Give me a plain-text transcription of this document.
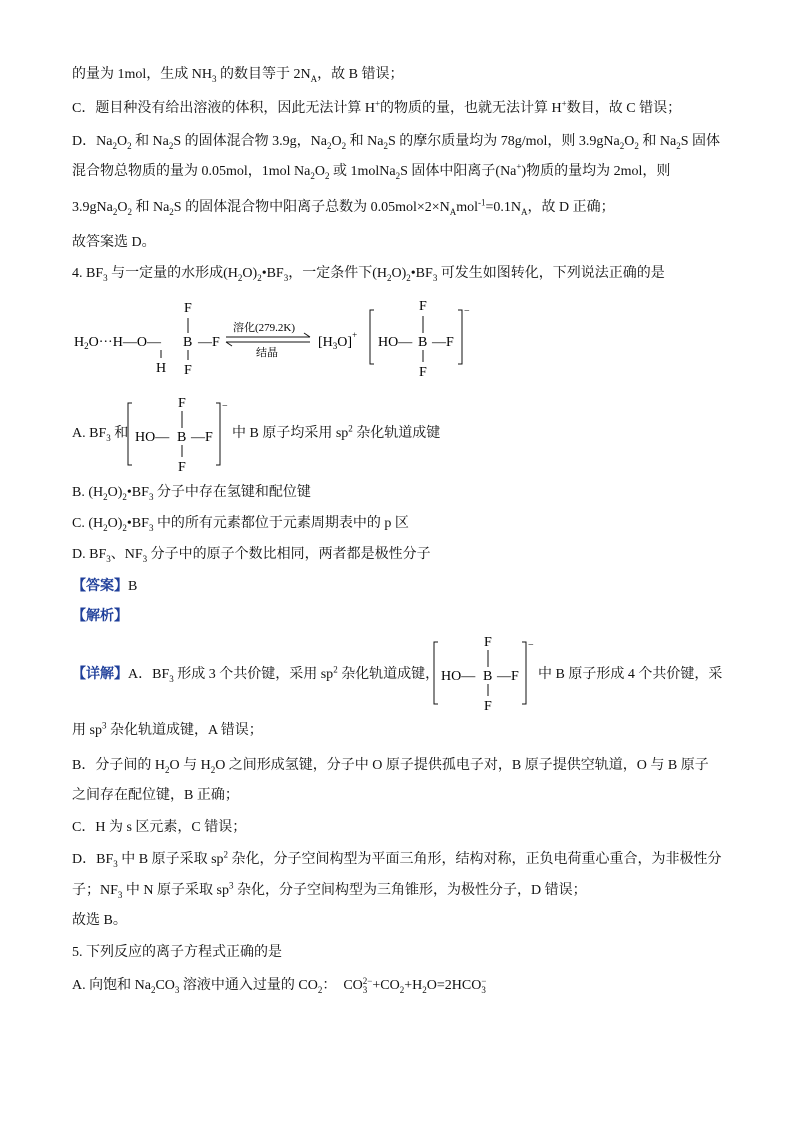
的量为 1mol，生成 $NH_3$ 的数目等于 $2N_A$，故 B 错误；
C．题目种没有给出溶液的体积，因此无法计算 H+的物质的量，也就无法计算 H+数目，故 C 错误；
D．$Na_2O_2$ 和 $Na_2S$ 的固体混合物 3.9g，$Na_2O_2$ 和 $Na_2S$ 的摩尔质量均为 78g/mol，则 $3.9gNa_2O_2$ 和 $Na_2S$ 固体
混合物总物质的量为 0.05mol，1mol $Na_2O_2$ 或 1molNa$_2$S 固体中阳离子(Na+)物质的量均为 2mol，则
$3.9gNa_2O_2$ 和 $Na_2S$ 的固体混合物中阳离子总数为 $0.05mol\times 2\times N_Amol^{-1}=0.1N_A$，故 D 正确；
故答案选 D。
4. $BF_3$ 与一定量的水形成$(H_2O)_2•BF_3$，一定条件下$(H_2O)_2•BF_3$ 可发生如图转化，下列说法正确的是
$H_2O\cdot\cdot\cdot H—O—$ B
F
F
—F
H
溶化(279.2K)
结晶
$[H_3O]^+$ HO— B
F
F
—F
−
A. $BF_3$ 和 HO— B
F
F
—F
−
中 B 原子均采用 $sp^2$ 杂化轨道成键
B. $(H_2O)_2•BF_3$ 分子中存在氢键和配位键
C. $(H_2O)_2•BF_3$ 中的所有元素都位于元素周期表中的 p 区
D. $BF_3$、$NF_3$ 分子中的原子个数比相同，两者都是极性分子
【答案】B
【解析】
【详解】A．$BF_3$ 形成 3 个共价键，采用 $sp^2$ 杂化轨道成键， HO— B
F
F
—F
−
中 B 原子形成 4 个共价键，采
用 $sp^3$ 杂化轨道成键，A 错误；
B．分子间的 $H_2O$ 与 $H_2O$ 之间形成氢键，分子中 O 原子提供孤电子对，B 原子提供空轨道，O 与 B 原子
之间存在配位键，B 正确；
C．H 为 s 区元素，C 错误；
D．$BF_3$ 中 B 原子采取 $sp^2$ 杂化，分子空间构型为平面三角形，结构对称，正负电荷重心重合，为非极性分
子；$NF_3$ 中 N 原子采取 $sp^3$ 杂化，分子空间构型为三角锥形，为极性分子，D 错误；
故选 B。
5. 下列反应的离子方程式正确的是
A. 向饱和 $Na_2CO_3$ 溶液中通入过量的 $CO_2$：  CO 2−
$3 +CO_2+H_2O=2HCO$ −
3
